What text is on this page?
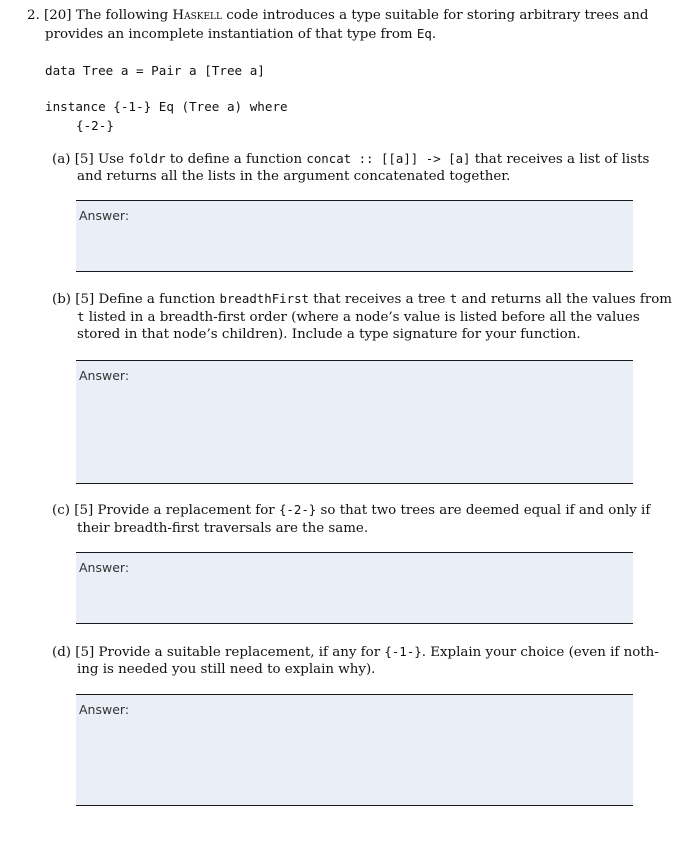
2. [20] The following Haskell code introduces a type suitable for storing arbitrary trees and
provides an incomplete instantiation of that type from Eq.
data Tree a = Pair a [Tree a]
instance {-1-} Eq (Tree a) where
{-2-}
(a) [5] Use foldr to define a function concat :: [[a]] -> [a] that receives a list of lists
and returns all the lists in the argument concatenated together.
Answer:
(b) [5] Define a function breadthFirst that receives a tree t and returns all the values from
t listed in a breadth-first order (where a node’s value is listed before all the values
stored in that node’s children). Include a type signature for your function.
Answer:
(c) [5] Provide a replacement for {-2-} so that two trees are deemed equal if and only if
their breadth-first traversals are the same.
Answer:
(d) [5] Provide a suitable replacement, if any for {-1-}. Explain your choice (even if noth-
ing is needed you still need to explain why).
Answer:
